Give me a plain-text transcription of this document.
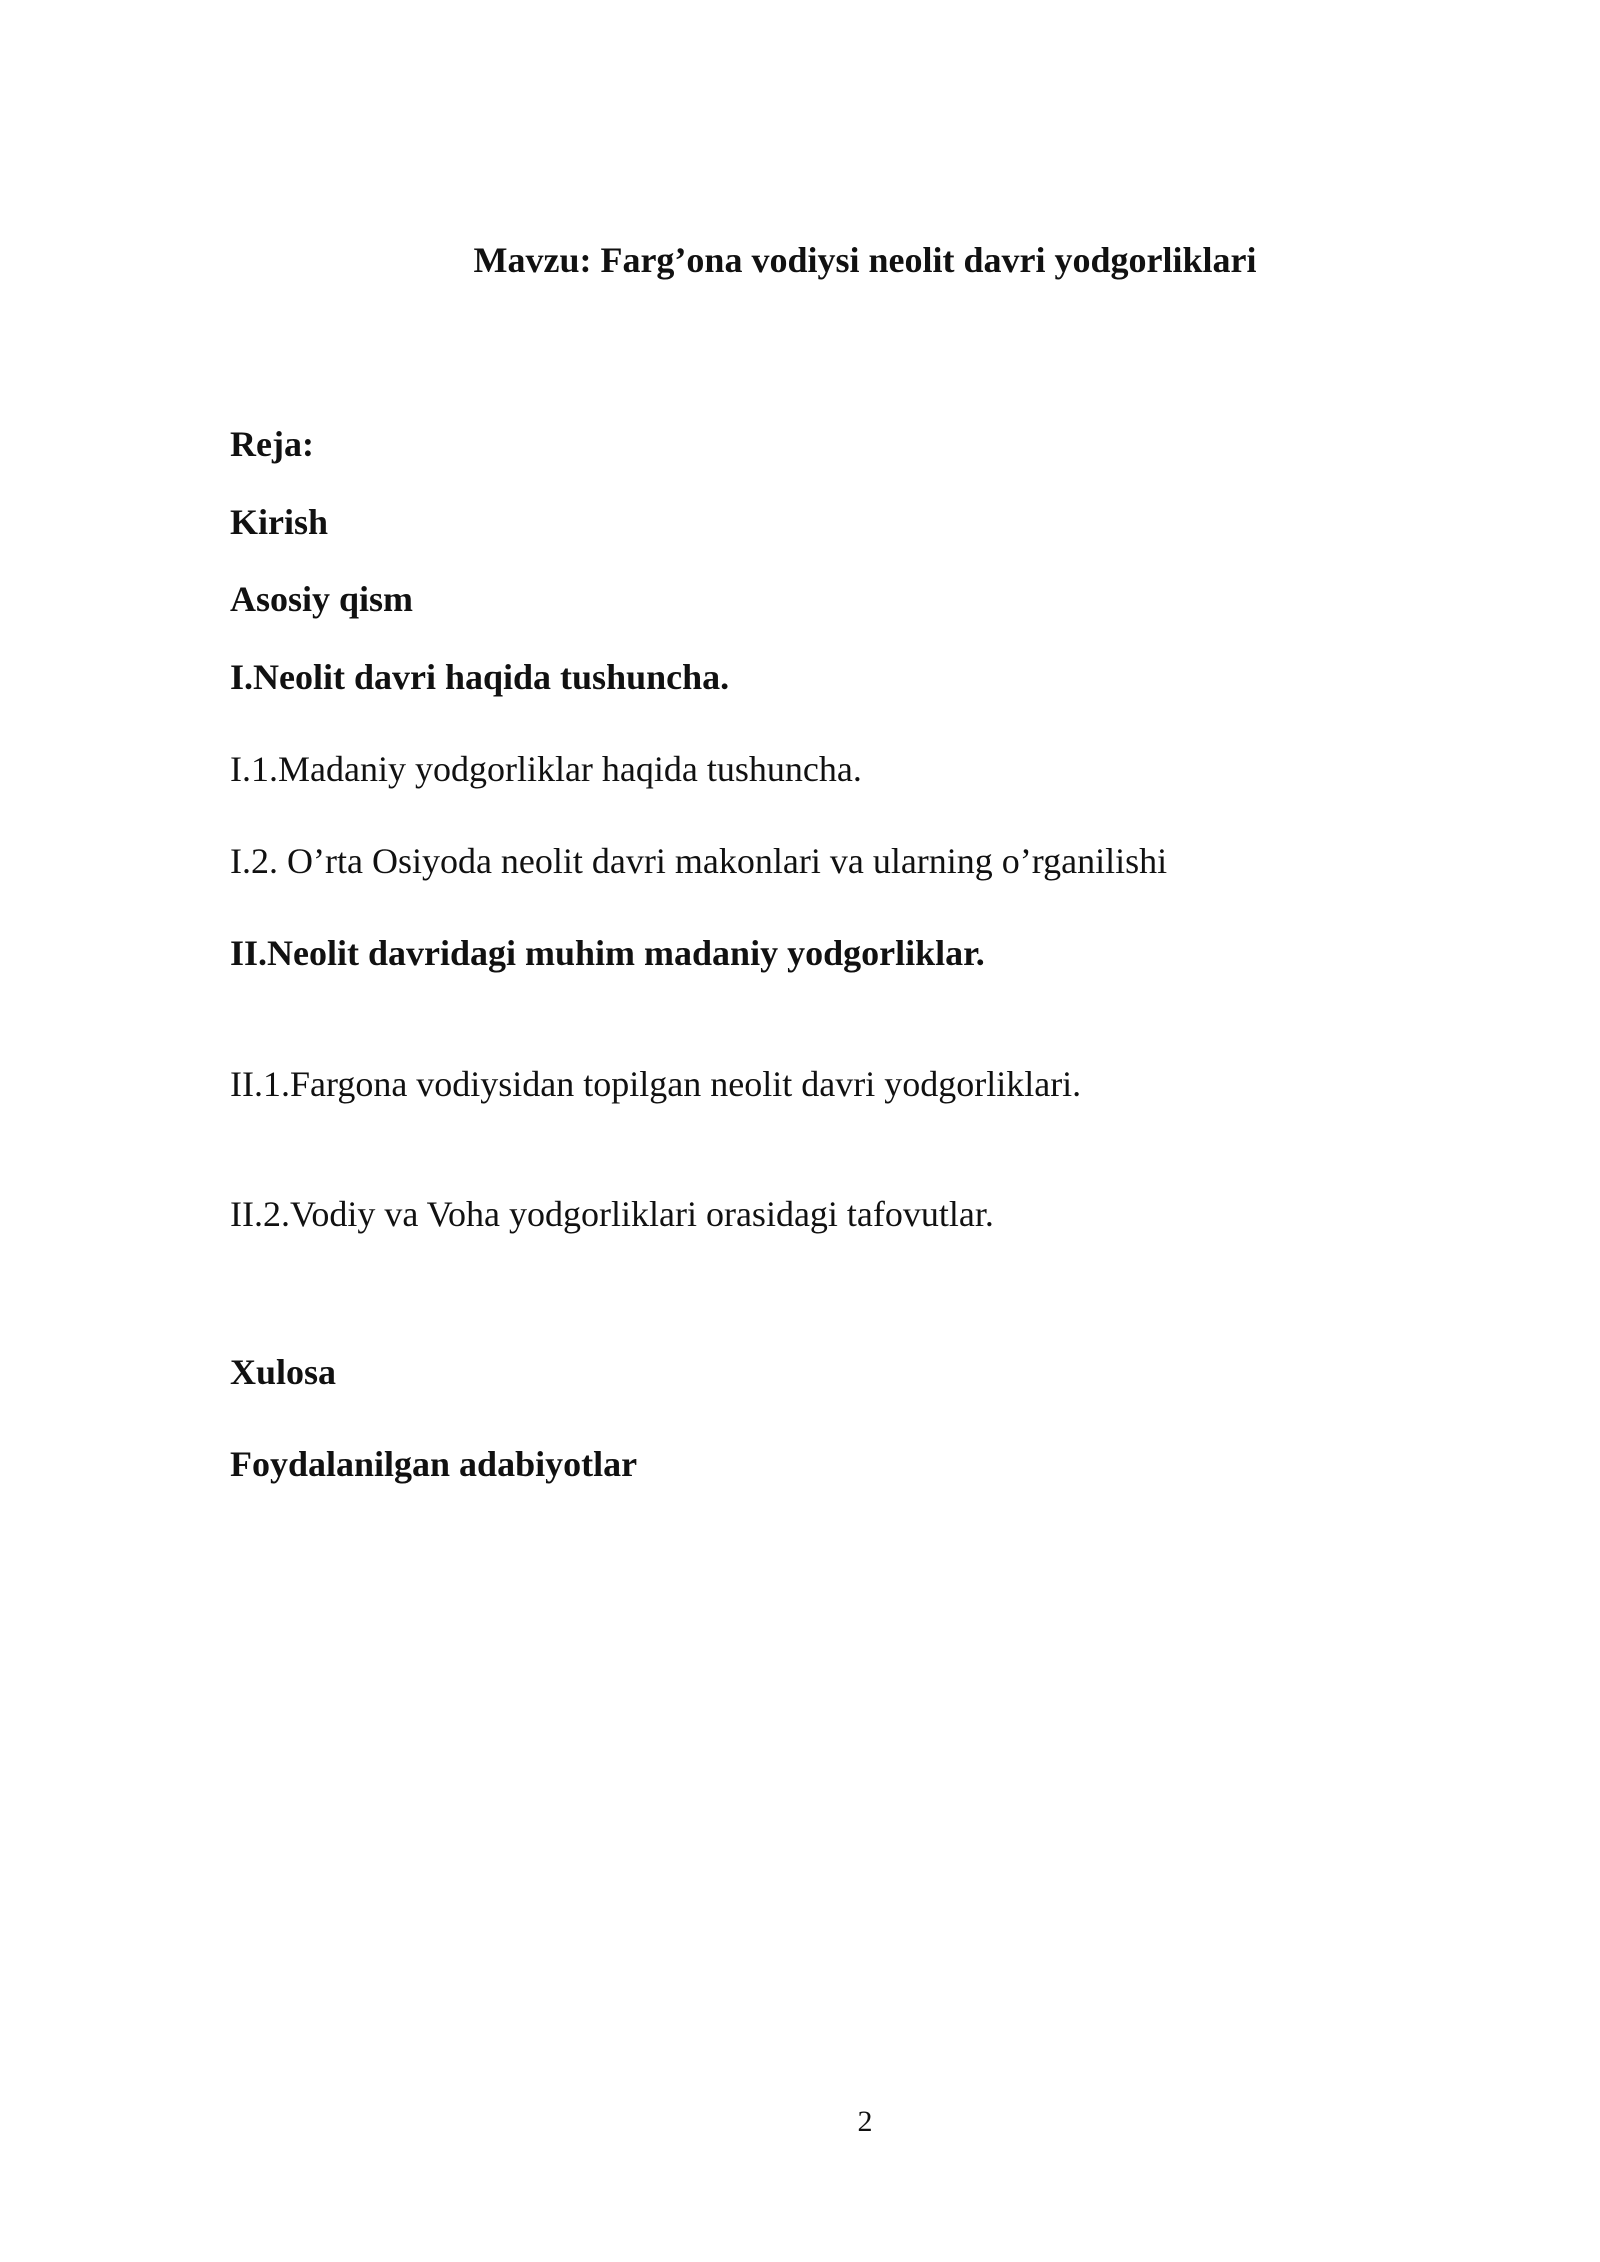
Mavzu: Farg’ona vodiysi neolit davri yodgorliklari
Reja:
Kirish
Asosiy qism
I.Neolit davri haqida tushuncha.
I.1.Madaniy yodgorliklar haqida tushuncha.
I.2. O’rta Osiyoda neolit davri makonlari va ularning o’rganilishi
II.Neolit davridagi muhim madaniy yodgorliklar.
II.1.Fargona vodiysidan topilgan neolit davri yodgorliklari.
II.2.Vodiy va Voha yodgorliklari orasidagi tafovutlar.
Xulosa
Foydalanilgan adabiyotlar
2
